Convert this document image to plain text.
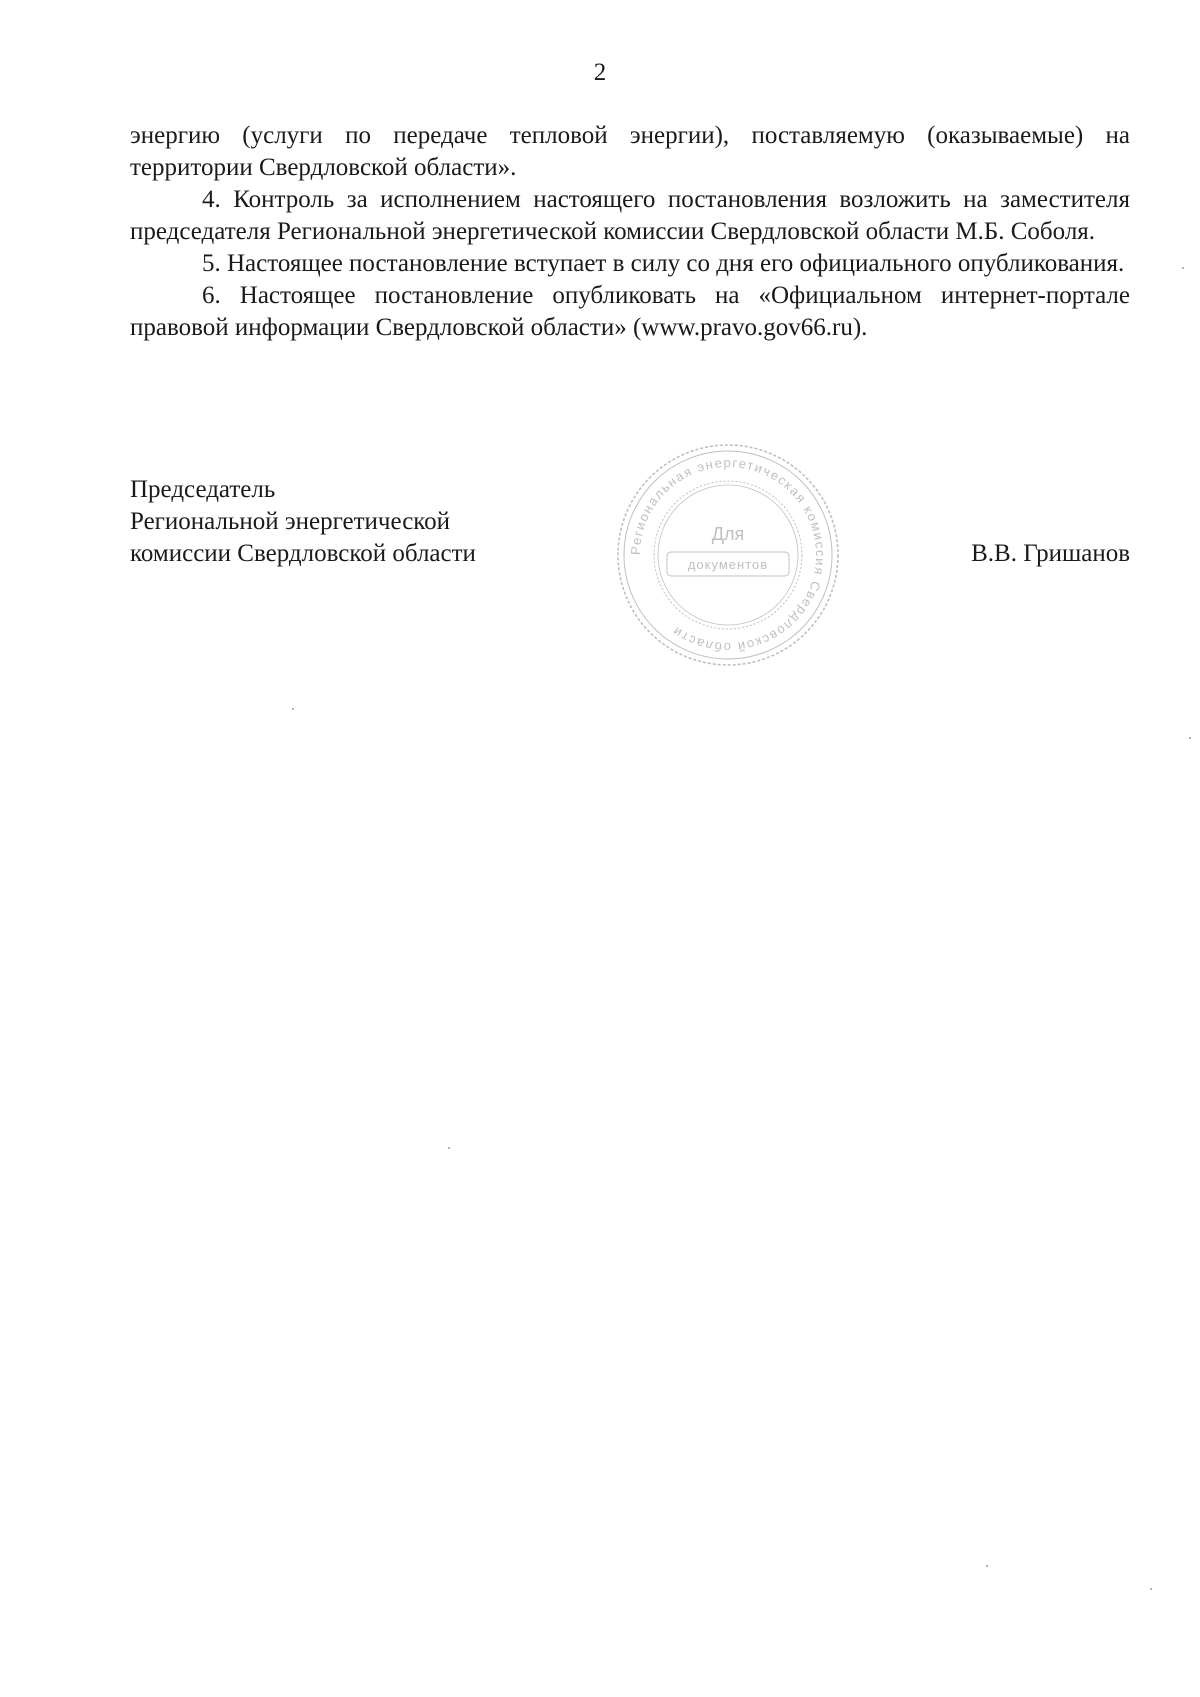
2

энергию (услуги по передаче тепловой энергии), поставляемую (оказываемые) на территории Свердловской области».

4. Контроль за исполнением настоящего постановления возложить на заместителя председателя Региональной энергетической комиссии Свердловской области М.Б. Соболя.

5. Настоящее постановление вступает в силу со дня его официального опубликования.

6. Настоящее постановление опубликовать на «Официальном интернет-портале правовой информации Свердловской области» (www.pravo.gov66.ru).

Председатель
Региональной энергетической
комиссии Свердловской области	В.В. Гришанов
Региональная энергетическая комиссия Свердловской области
Для
документов
